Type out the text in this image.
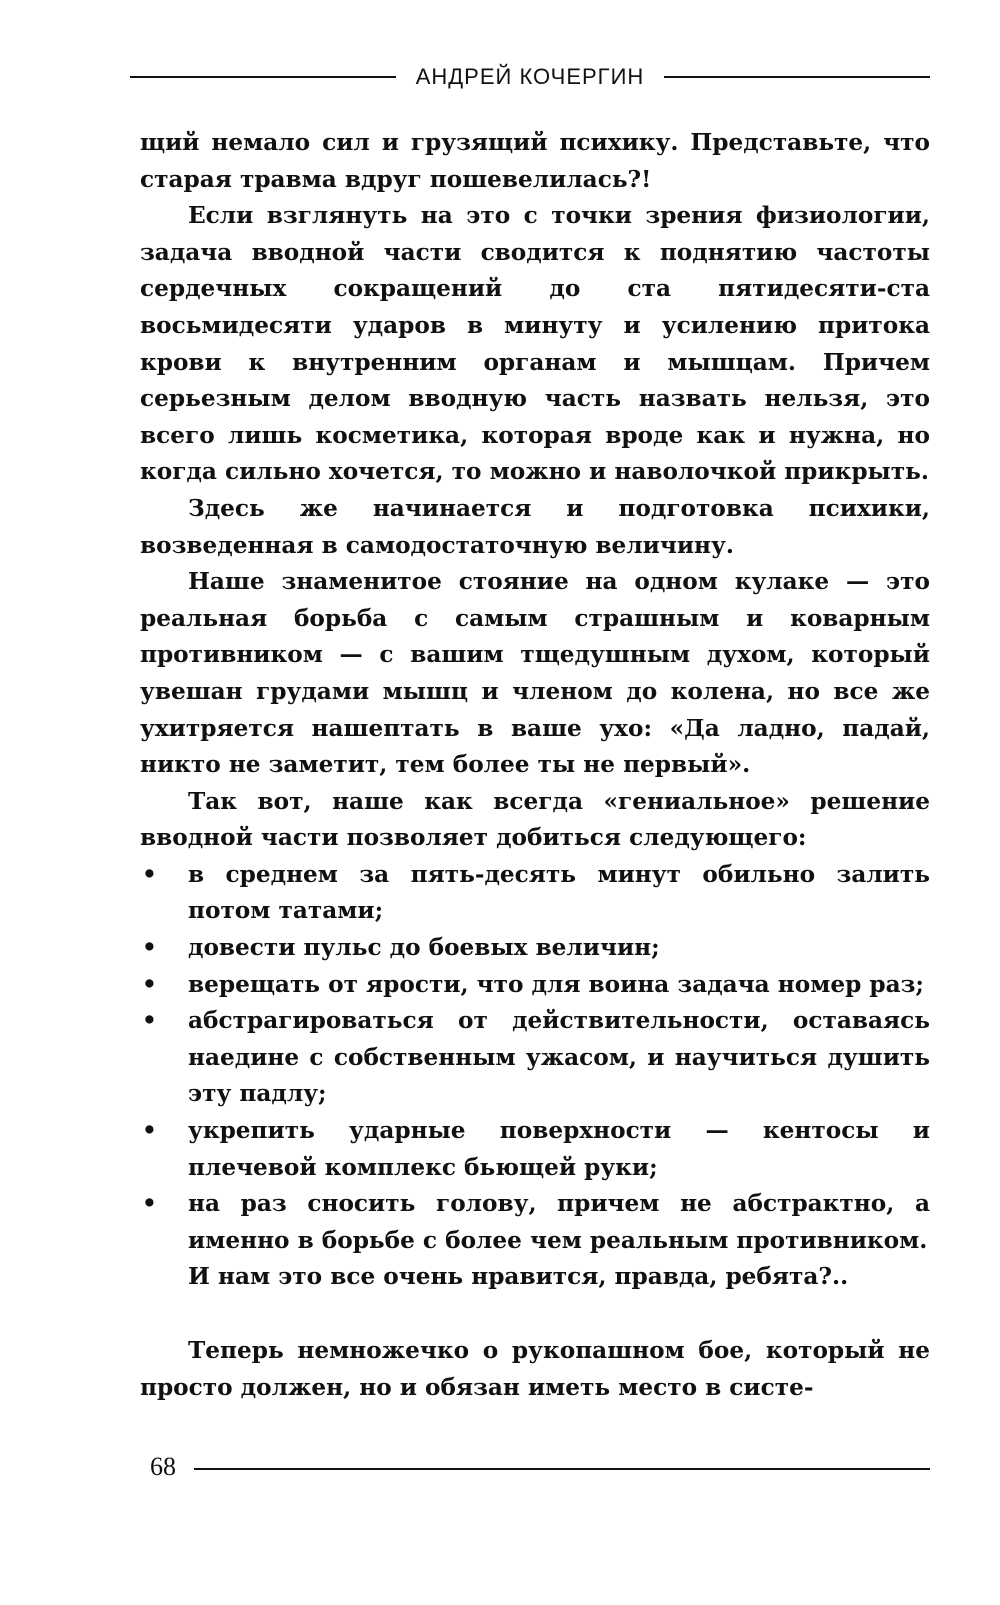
АНДРЕЙ КОЧЕРГИН

щий немало сил и грузящий психику. Представьте, что старая травма вдруг пошевелилась?!

Если взглянуть на это с точки зрения физиологии, задача вводной части сводится к поднятию частоты сердечных сокращений до ста пятидесяти-ста восьмидесяти ударов в минуту и усилению притока крови к внутренним органам и мышцам. Причем серьезным делом вводную часть назвать нельзя, это всего лишь косметика, которая вроде как и нужна, но когда сильно хочется, то можно и наволочкой прикрыть.

Здесь же начинается и подготовка психики, возведенная в самодостаточную величину.

Наше знаменитое стояние на одном кулаке — это реальная борьба с самым страшным и коварным противником — с вашим тщедушным духом, который увешан грудами мышц и членом до колена, но все же ухитряется нашептать в ваше ухо: «Да ладно, падай, никто не заметит, тем более ты не первый».

Так вот, наше как всегда «гениальное» решение вводной части позволяет добиться следующего:

• в среднем за пять-десять минут обильно залить потом татами;
• довести пульс до боевых величин;
• верещать от ярости, что для воина задача номер раз;
• абстрагироваться от действительности, оставаясь наедине с собственным ужасом, и научиться душить эту падлу;
• укрепить ударные поверхности — кентосы и плечевой комплекс бьющей руки;
• на раз сносить голову, причем не абстрактно, а именно в борьбе с более чем реальным противником.

И нам это все очень нравится, правда, ребята?..

Теперь немножечко о рукопашном бое, который не просто должен, но и обязан иметь место в систе-

68
